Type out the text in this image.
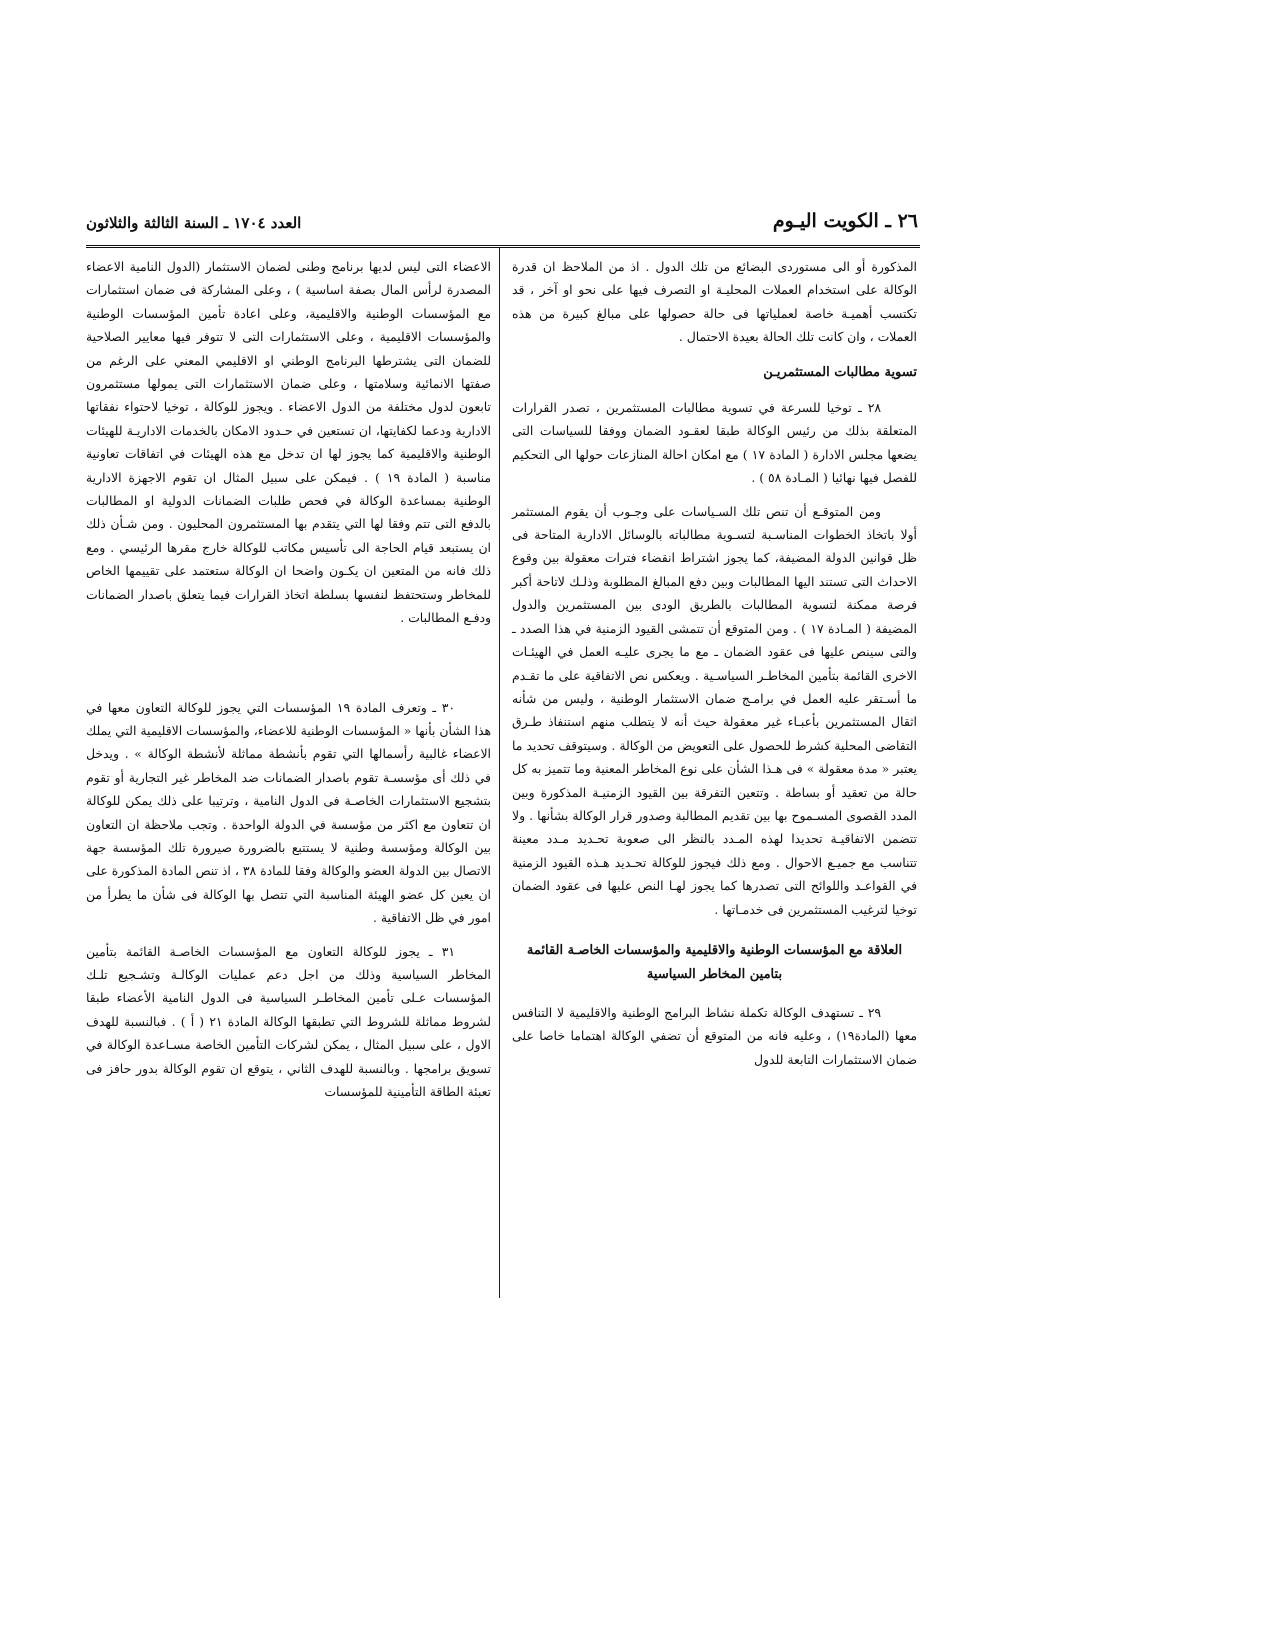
٢٦ ـ الكويت اليـوم
العدد ١٧٠٤ ـ السنة الثالثة والثلاثون

المذكورة أو الى مستوردى البضائع من تلك الدول . اذ من الملاحظ ان قدرة الوكالة على استخدام العملات المحليـة او التصرف فيها على نحو او آخر ، قد تكتسب أهميـة خاصة لعملياتها فى حالة حصولها على مبالغ كبيرة من هذه العملات ، وان كانت تلك الحالة بعيدة الاحتمال .

تسوية مطالبات المستثمريـن

٢٨ ـ توخيا للسرعة في تسوية مطالبات المستثمرين ، تصدر القرارات المتعلقة بذلك من رئيس الوكالة طبقا لعقـود الضمان ووفقا للسياسات التى يضعها مجلس الادارة ( المادة ١٧ ) مع امكان احالة المنازعات حولها الى التحكيم للفصل فيها نهائيا ( المـادة ٥٨ ) .

ومن المتوقـع أن تنص تلك السـياسات على وجـوب أن يقوم المستثمر أولا باتخاذ الخطوات المناسـبة لتسـوية مطالباته بالوسائل الادارية المتاحة فى ظل قوانين الدولة المضيفة، كما يجوز اشتراط انقضاء فترات معقولة بين وقوع الاحداث التى تستند اليها المطالبات وبين دفع المبالغ المطلوبة وذلـك لاتاحة أكبر فرصة ممكنة لتسوية المطالبات بالطريق الودى بين المستثمرين والدول المضيفة ( المـادة ١٧ ) . ومن المتوقع أن تتمشى القيود الزمنية في هذا الصدد ـ والتى سينص عليها فى عقود الضمان ـ مع ما يجرى عليـه العمل في الهيئـات الاخرى القائمة بتأمين المخاطـر السياسـية . ويعكس نص الاتفاقية على ما تقـدم ما أسـتقر عليه العمل في برامـج ضمان الاستثمار الوطنية ، وليس من شأنه اثقال المستثمرين بأعبـاء غير معقولة حيث أنه لا يتطلب منهم استنفاذ طـرق التقاضى المحلية كشرط للحصول على التعويض من الوكالة . وسيتوقف تحديد ما يعتبر « مدة معقولة » فى هـذا الشأن على نوع المخاطر المعنية وما تتميز به كل حالة من تعقيد أو بساطة . وتتعين التفرقة بين القيود الزمنيـة المذكورة وبين المدد القصوى المسـموح بها بين تقديم المطالبة وصدور قرار الوكالة بشأنها . ولا تتضمن الاتفاقيـة تحديدا لهذه المـدد بالنظر الى صعوبة تحـديد مـدد معينة تتناسب مع جميـع الاحوال . ومع ذلك فيجوز للوكالة تحـديد هـذه القيود الزمنية في القواعـد واللوائح التى تصدرها كما يجوز لهـا النص عليها فى عقود الضمان توخيا لترغيب المستثمرين فى خدمـاتها .

العلاقة مع المؤسسات الوطنية والاقليمية والمؤسسات الخاصـة القائمة بتامين المخاطر السياسية

٢٩ ـ تستهدف الوكالة تكملة نشاط البرامج الوطنية والاقليمية لا التنافس معها (المادة١٩) ، وعليه فانه من المتوقع أن تضفي الوكالة اهتماما خاصا على ضمان الاستثمارات التابعة للدول

الاعضاء التى ليس لديها برنامج وطنى لضمان الاستثمار (الدول النامية الاعضاء المصدرة لرأس المال بصفة اساسية ) ، وعلى المشاركة فى ضمان استثمارات مع المؤسسات الوطنية والاقليمية، وعلى اعادة تأمين المؤسسات الوطنية والمؤسسات الاقليمية ، وعلى الاستثمارات التى لا تتوفر فيها معايير الصلاحية للضمان التى يشترطها البرنامج الوطني او الاقليمي المعني على الرغم من صفتها الانمائية وسلامتها ، وعلى ضمان الاستثمارات التى يمولها مستثمرون تابعون لدول مختلفة من الدول الاعضاء . ويجوز للوكالة ، توخيا لاحتواء نفقاتها الادارية ودعما لكفايتها، ان تستعين في حـدود الامكان بالخدمات الاداريـة للهيئات الوطنية والاقليمية كما يجوز لها ان تدخل مع هذه الهيئات في اتفاقات تعاونية مناسبة ( المادة ١٩ ) . فيمكن على سبيل المثال ان تقوم الاجهزة الادارية الوطنية بمساعدة الوكالة في فحص طلبات الضمانات الدولية او المطالبات بالدفع التى تتم وفقا لها التي يتقدم بها المستثمرون المحليون . ومن شـأن ذلك ان يستبعد قيام الحاجة الى تأسيس مكاتب للوكالة خارج مقرها الرئيسي . ومع ذلك فانه من المتعين ان يكـون واضحا ان الوكالة ستعتمد على تقييمها الخاص للمخاطر وستحتفظ لنفسها بسلطة اتخاذ القرارات فيما يتعلق باصدار الضمانات ودفـع المطالبات .

٣٠ ـ وتعرف المادة ١٩ المؤسسات التي يجوز للوكالة التعاون معها في هذا الشأن بأنها « المؤسسات الوطنية للاعضاء، والمؤسسات الاقليمية التي يملك الاعضاء غالبية رأسمالها التي تقوم بأنشطة مماثلة لأنشطة الوكالة » . ويدخل في ذلك أى مؤسسـة تقوم باصدار الضمانات ضد المخاطر غير التجارية أو تقوم بتشجيع الاستثمارات الخاصـة فى الدول النامية ، وترتيبا على ذلك يمكن للوكالة ان تتعاون مع اكثر من مؤسسة في الدولة الواحدة . وتجب ملاحظة ان التعاون بين الوكالة ومؤسسة وطنية لا يستتبع بالضرورة صيرورة تلك المؤسسة جهة الاتصال بين الدولة العضو والوكالة وفقا للمادة ٣٨ ، اذ تنص المادة المذكورة على ان يعين كل عضو الهيئة المناسبة التي تتصل بها الوكالة فى شأن ما يطرأ من امور في ظل الاتفاقية .

٣١ ـ يجوز للوكالة التعاون مع المؤسسات الخاصـة القائمة بتأمين المخاطر السياسية وذلك من اجل دعم عمليات الوكالـة وتشـجيع تلـك المؤسسات عـلى تأمين المخاطـر السياسية فى الدول النامية الأعضاء طبقا لشروط مماثلة للشروط التي تطبقها الوكالة المادة ٢١ ( أ ) . فبالنسبة للهدف الاول ، على سبيل المثال ، يمكن لشركات التأمين الخاصة مسـاعدة الوكالة في تسويق برامجها . وبالنسبة للهدف الثاني ، يتوقع ان تقوم الوكالة بدور حافز فى تعبئة الطاقة التأمينية للمؤسسات
